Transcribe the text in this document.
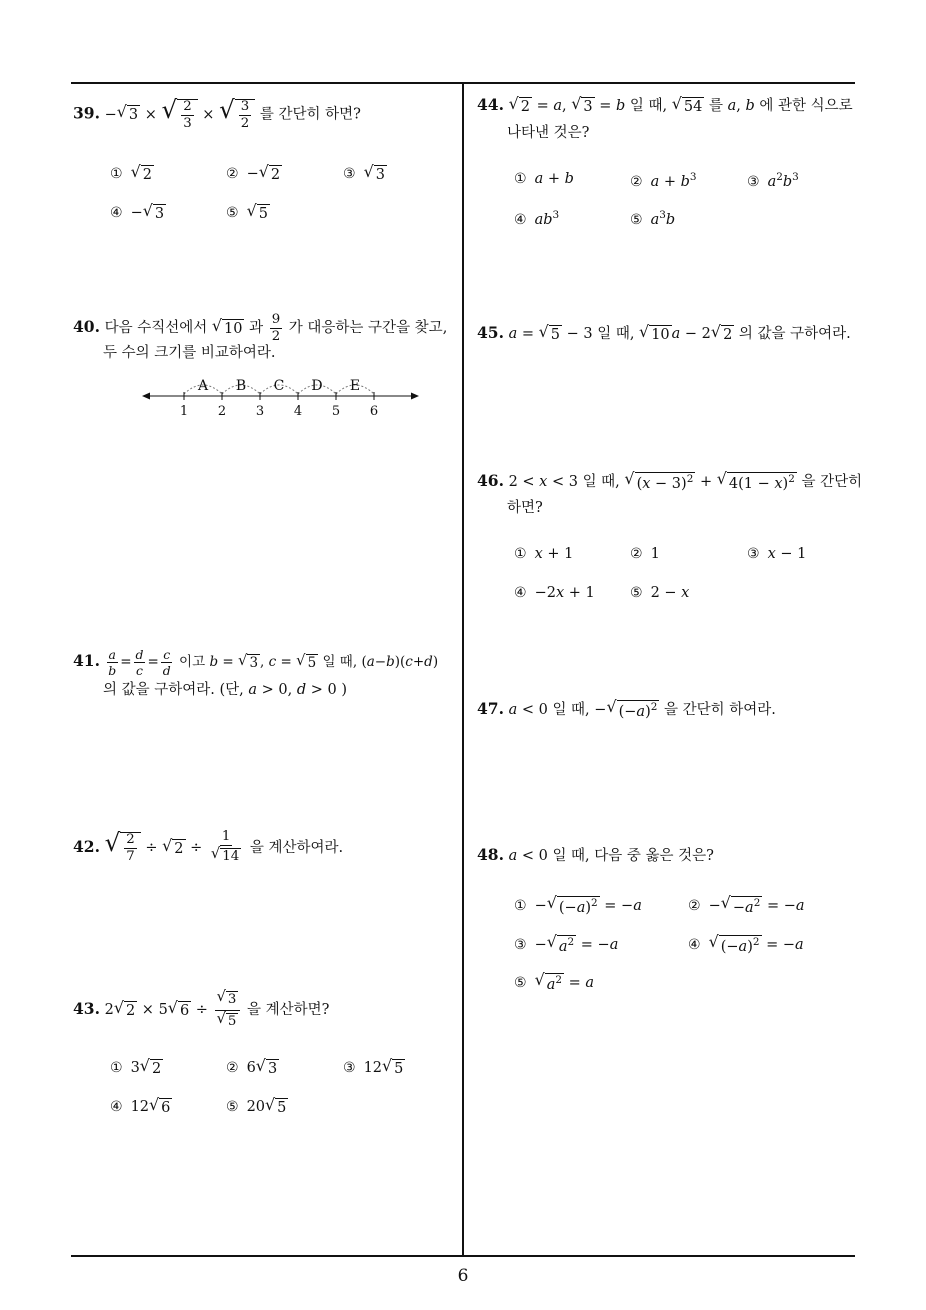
39. − √ 3 × √ $\frac{2}{3}$ × √ $\frac{3}{2}$ 를 간단히 하면?
① √ 2	② − √ 2	③ √ 3
④ − √ 3	⑤ √ 5
40. 다음 수직선에서 √ 10 과 $\frac{9}{2}$ 가 대응하는 구간을 찾고,
두 수의 크기를 비교하여라.
A B C D E
1 2 3 4 5 6
41. $\frac{a}{b} = \frac{d}{c} = \frac{c}{d}$ 이고 b = √ 3 , c = √ 5 일 때, (a−b)(c+d)
의 값을 구하여라. (단, a > 0, d > 0 )
42. √ $\frac{2}{7}$ ÷ √ $2 \div \frac{1}{√ 14}$ 을 계산하여라.
43. 2 √ 2 × 5 √ $6 \div \frac{√ 3}{√ 5}$ 을 계산하면?
① 3 √ 2	② 6 √ 3	③ 12 √ 5
④ 12 √ 6	⑤ 20 √ 5
44. √ 2 = a, √ 3 = b 일 때, √ 54 를 a, b 에 관한 식으로
나타낸 것은?
① a + b	② $a + b^3$	③ $a^2b^3$
④ $ab^3$	⑤ $a^3b$
45. a = √ 5 − 3 일 때, √ 10 a − 2 √ 2 의 값을 구하여라.
46. 2 < x < 3 일 때, √ $(x - 3)^2$ + √ $4(1 - x)^2$ 을 간단히
하면?
① x + 1	② 1	③ x − 1
④ −2x + 1	⑤ 2 − x
47. a < 0 일 때, − √ $(-a)^2$ 을 간단히 하여라.
48. a < 0 일 때, 다음 중 옳은 것은?
① − √ $(-a)^2 = -a$	② − √ $-a^2 = -a$
③ − √ $a^2 = -a$	④ √ $(-a)^2 = -a$
⑤ √ $a^2 = a$
6
